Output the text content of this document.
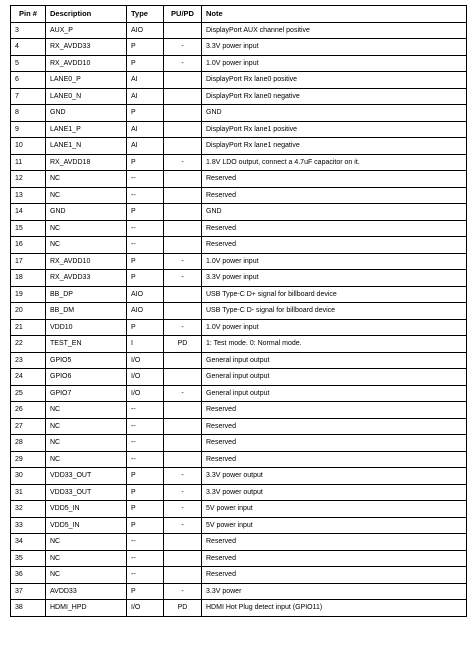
Pin #	Description	Type	PU/PD	Note
3	AUX_P	AIO		DisplayPort AUX channel positive
4	RX_AVDD33	P	-	3.3V power input
5	RX_AVDD10	P	-	1.0V power input
6	LANE0_P	AI		DisplayPort Rx lane0 positive
7	LANE0_N	AI		DisplayPort Rx lane0 negative
8	GND	P		GND
9	LANE1_P	AI		DisplayPort Rx lane1 positive
10	LANE1_N	AI		DisplayPort Rx lane1 negative
11	RX_AVDD18	P	-	1.8V LDO output, connect a 4.7uF capacitor on it.
12	NC	--		Reserved
13	NC	--		Reserved
14	GND	P		GND
15	NC	--		Reserved
16	NC	--		Reserved
17	RX_AVDD10	P	-	1.0V power input
18	RX_AVDD33	P	-	3.3V power input
19	BB_DP	AIO		USB Type-C D+ signal for billboard device
20	BB_DM	AIO		USB Type-C D- signal for billboard device
21	VDD10	P	-	1.0V power input
22	TEST_EN	I	PD	1: Test mode. 0: Normal mode.
23	GPIO5	I/O		General input output
24	GPIO6	I/O		General input output
25	GPIO7	I/O	-	General input output
26	NC	--		Reserved
27	NC	--		Reserved
28	NC	--		Reserved
29	NC	--		Reserved
30	VDD33_OUT	P	-	3.3V power output
31	VDD33_OUT	P	-	3.3V power output
32	VDD5_IN	P	-	5V power input
33	VDD5_IN	P	-	5V power input
34	NC	--		Reserved
35	NC	--		Reserved
36	NC	--		Reserved
37	AVDD33	P	-	3.3V power
38	HDMI_HPD	I/O	PD	HDMI Hot Plug detect input (GPIO11)
